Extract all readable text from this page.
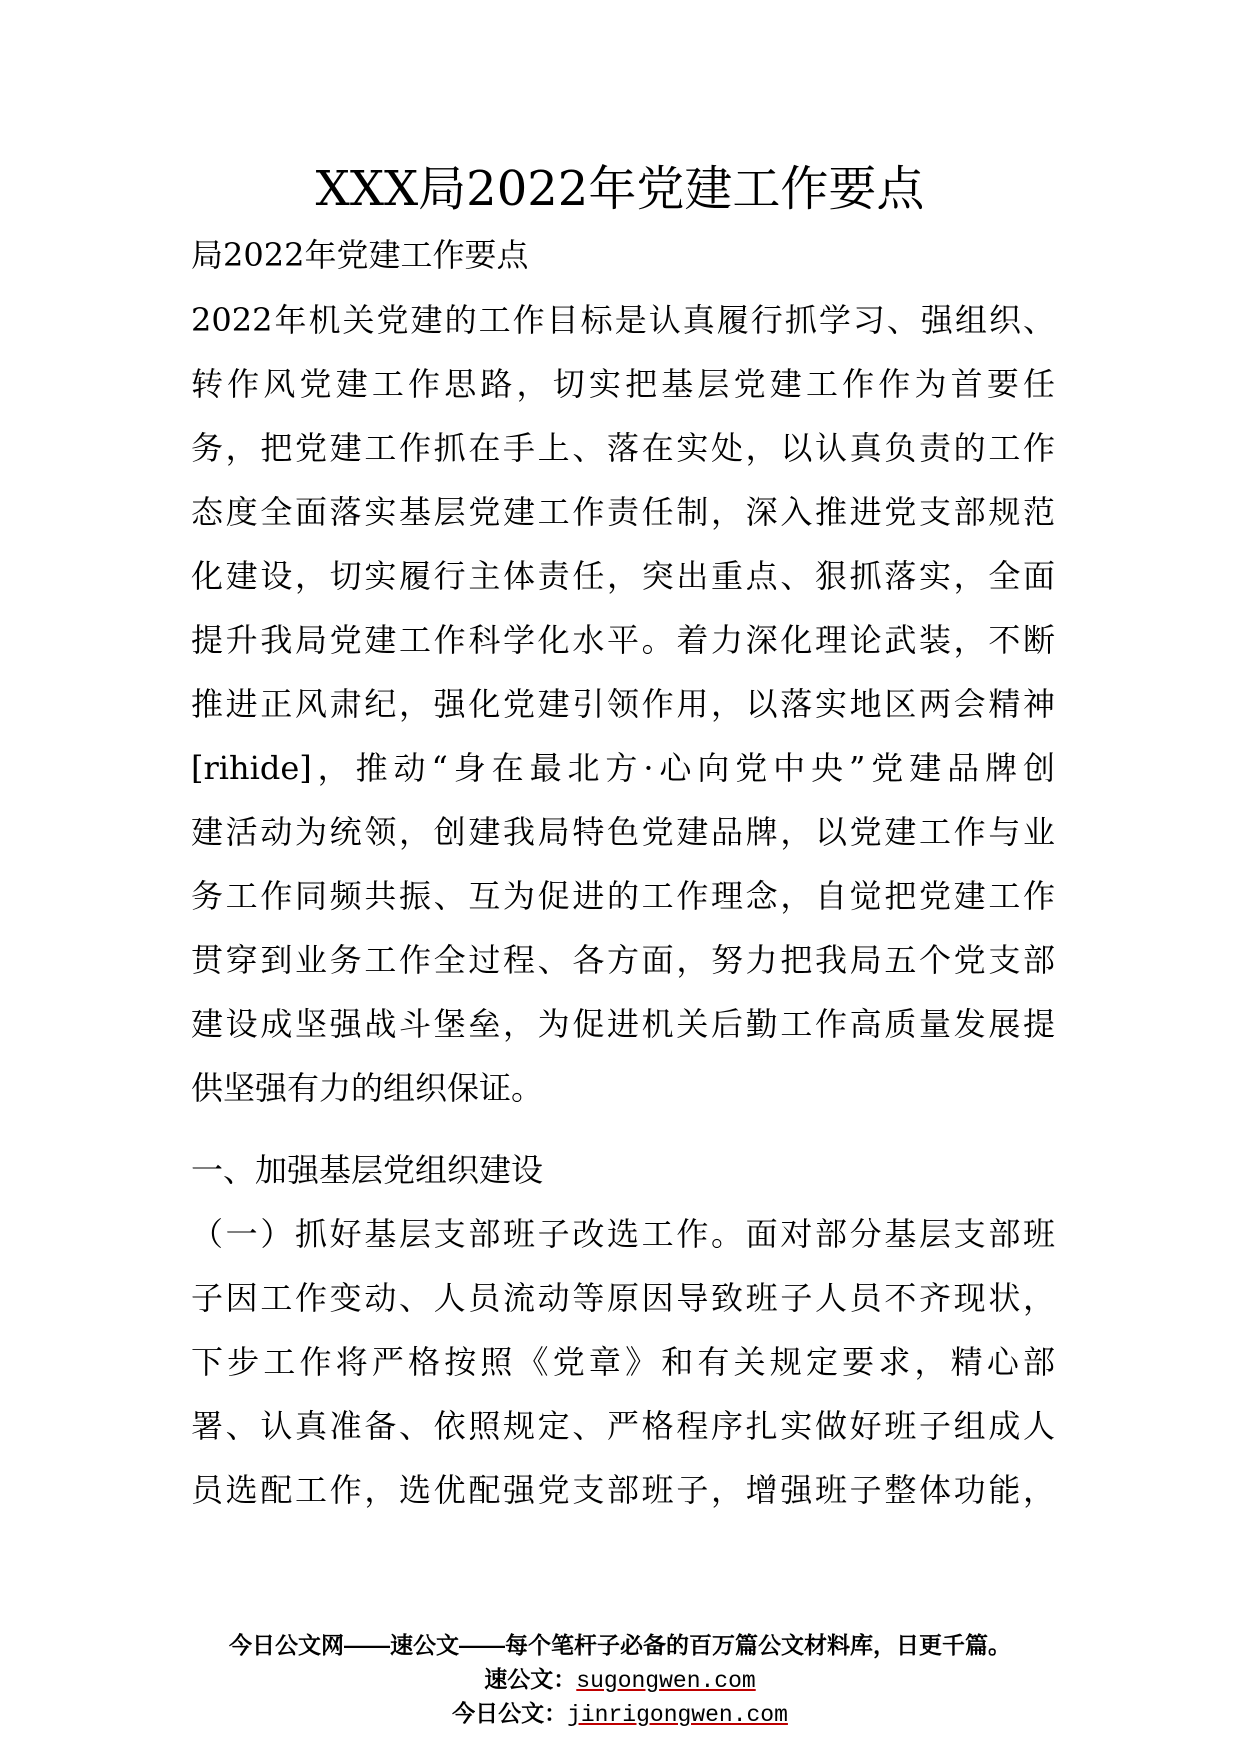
XXX局2022年党建工作要点
局2022年党建工作要点
2022年机关党建的工作目标是认真履行抓学习、强组织、
转作风党建工作思路，切实把基层党建工作作为首要任
务，把党建工作抓在手上、落在实处，以认真负责的工作
态度全面落实基层党建工作责任制，深入推进党支部规范
化建设，切实履行主体责任，突出重点、狠抓落实，全面
提升我局党建工作科学化水平。着力深化理论武装，不断
推进正风肃纪，强化党建引领作用，以落实地区两会精神
[rihide]，推动“身在最北方·心向党中央”党建品牌创
建活动为统领，创建我局特色党建品牌，以党建工作与业
务工作同频共振、互为促进的工作理念，自觉把党建工作
贯穿到业务工作全过程、各方面，努力把我局五个党支部
建设成坚强战斗堡垒，为促进机关后勤工作高质量发展提
供坚强有力的组织保证。
一、加强基层党组织建设
（一）抓好基层支部班子改选工作。面对部分基层支部班
子因工作变动、人员流动等原因导致班子人员不齐现状，
下步工作将严格按照《党章》和有关规定要求，精心部
署、认真准备、依照规定、严格程序扎实做好班子组成人
员选配工作，选优配强党支部班子，增强班子整体功能，
今日公文网——速公文——每个笔杆子必备的百万篇公文材料库，日更千篇。
速公文：sugongwen.com
今日公文：jinrigongwen.com
